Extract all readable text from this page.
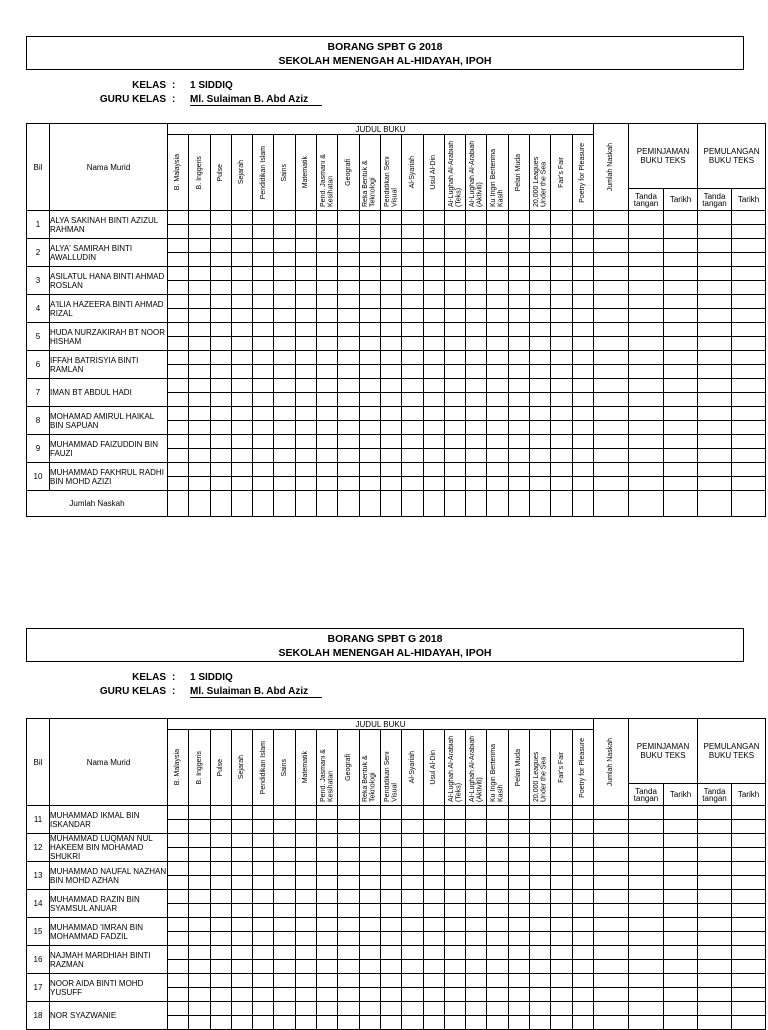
BORANG SPBT G 2018
SEKOLAH MENENGAH AL-HIDAYAH, IPOH
KELAS : 1 SIDDIQ
GURU KELAS : Ml. Sulaiman B. Abd Aziz
Bil	Nama Murid	JUDUL BUKU																				Jumlah Naskah	PEMINJAMAN BUKU TEKS		PEMULANGAN BUKU TEKS	

		B. Malaysia	B. Inggeris	Pulse	Sejarah	Pendidikan Islam	Sains	Matematik	Pend. Jasmani & Kesihatan	Geografi	Reka Bentuk & Teknologi	Pendidikan Seni Visual	Al-Syariah	Usul Al-Din	Al-Lughah Al-Arabiah (Teks)	Al-Lughah Al-Arabiah (Aktiviti)	Ku Ingin Berterima Kasih	Pelari Muda	20,000 Leagues Under the Sea	Fair's Fair	Poetry for Pleasure					

																							Tanda tangan	Tarikh	Tanda tangan	Tarikh
1	ALYA SAKINAH BINTI AZIZUL RAHMAN																									

2	ALYA' SAMIRAH BINTI AWALLUDIN																									

3	ASILATUL HANA BINTI AHMAD ROSLAN																									

4	A'ILIA HAZEERA BINTI AHMAD RIZAL																									

5	HUDA NURZAKIRAH BT NOOR HISHAM																									

6	IFFAH BATRISYIA BINTI RAMLAN																									

7	IMAN BT ABDUL HADI																									

8	MOHAMAD AMIRUL HAIKAL BIN SAPUAN																									

9	MUHAMMAD FAIZUDDIN BIN FAUZI																									

10	MUHAMMAD FAKHRUL RADHI BIN MOHD AZIZI																									

Jumlah Naskah																										
BORANG SPBT G 2018
SEKOLAH MENENGAH AL-HIDAYAH, IPOH
KELAS : 1 SIDDIQ
GURU KELAS : Ml. Sulaiman B. Abd Aziz
Bil	Nama Murid	JUDUL BUKU																				Jumlah Naskah	PEMINJAMAN BUKU TEKS		PEMULANGAN BUKU TEKS	

		B. Malaysia	B. Inggeris	Pulse	Sejarah	Pendidikan Islam	Sains	Matematik	Pend. Jasmani & Kesihatan	Geografi	Reka Bentuk & Teknologi	Pendidikan Seni Visual	Al-Syariah	Usul Al-Din	Al-Lughah Al-Arabiah (Teks)	Al-Lughah Al-Arabiah (Aktiviti)	Ku Ingin Berterima Kasih	Pelari Muda	20,000 Leagues Under the Sea	Fair's Fair	Poetry for Pleasure					

																							Tanda tangan	Tarikh	Tanda tangan	Tarikh
11	MUHAMMAD IKMAL BIN ISKANDAR																									

12	MUHAMMAD LUQMAN NUL HAKEEM BIN MOHAMAD SHUKRI																									

13	MUHAMMAD NAUFAL NAZHAN BIN MOHD AZHAN																									

14	MUHAMMAD RAZIN BIN SYAMSUL ANUAR																									

15	MUHAMMAD 'IMRAN BIN MOHAMMAD FADZIL																									

16	NAJMAH MARDHIAH BINTI RAZMAN																									

17	NOOR AIDA BINTI MOHD YUSUFF																									

18	NOR SYAZWANIE																									
